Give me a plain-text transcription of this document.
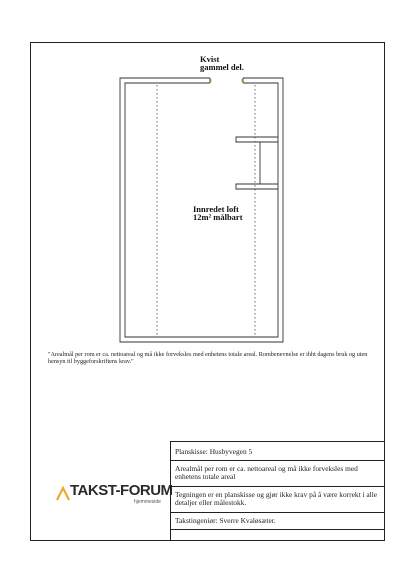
Kvist
gammel del.
Innredet loft
12m² målbart
"Arealmål per rom er ca. nettoareal og må ikke forveksles med enhetens totale areal. Rombenevnelse er ihht dagens bruk og uten hensyn til byggeforskriftens krav."
TAKST-FORUM
hjemmeside
Planskisse: Husbyvegen 5
Arealmål per rom er ca. nettoareal og må ikke forveksles med enhetens totale areal
Tegningen er en planskisse og gjør ikke krav på å være korrekt i alle detaljer eller målestokk.
Takstingeniør: Sverre Kvaløsæter.
